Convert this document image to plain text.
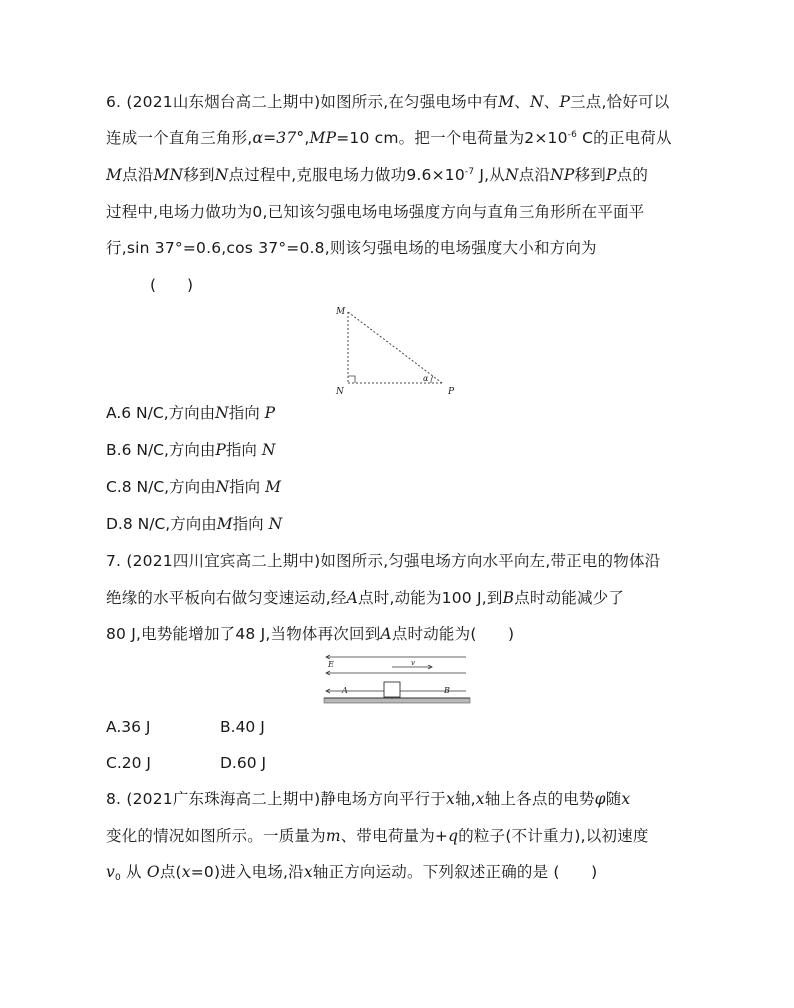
6. (2021山东烟台高二上期中)如图所示,在匀强电场中有M、N、P三点,恰好可以
连成一个直角三角形,α=37°,MP=10 cm。把一个电荷量为$2\times 10^{-6}$ C的正电荷从
M点沿MN移到N点过程中,克服电场力做功$9.6\times 10^{-7}$ J,从N点沿NP移到P点的
过程中,电场力做功为0,已知该匀强电场电场强度方向与直角三角形所在平面平
行,sin 37°=0.6,cos 37°=0.8,则该匀强电场的电场强度大小和方向为
(　　)
M
N	P
α
A.6 N/C,方向由N指向 P
B.6 N/C,方向由P指向 N
C.8 N/C,方向由N指向 M
D.8 N/C,方向由M指向 N
7. (2021四川宜宾高二上期中)如图所示,匀强电场方向水平向左,带正电的物体沿
绝缘的水平板向右做匀变速运动,经A点时,动能为100 J,到B点时动能减少了
80 J,电势能增加了48 J,当物体再次回到A点时动能为(　　)
E	v
A	B
A.36 J	B.40 J
C.20 J	D.60 J
8. (2021广东珠海高二上期中)静电场方向平行于x轴,x轴上各点的电势φ随x
变化的情况如图所示。一质量为m、带电荷量为+q的粒子(不计重力),以初速度
$v_0$ 从 O点(x=0)进入电场,沿x轴正方向运动。下列叙述正确的是 (　　)
